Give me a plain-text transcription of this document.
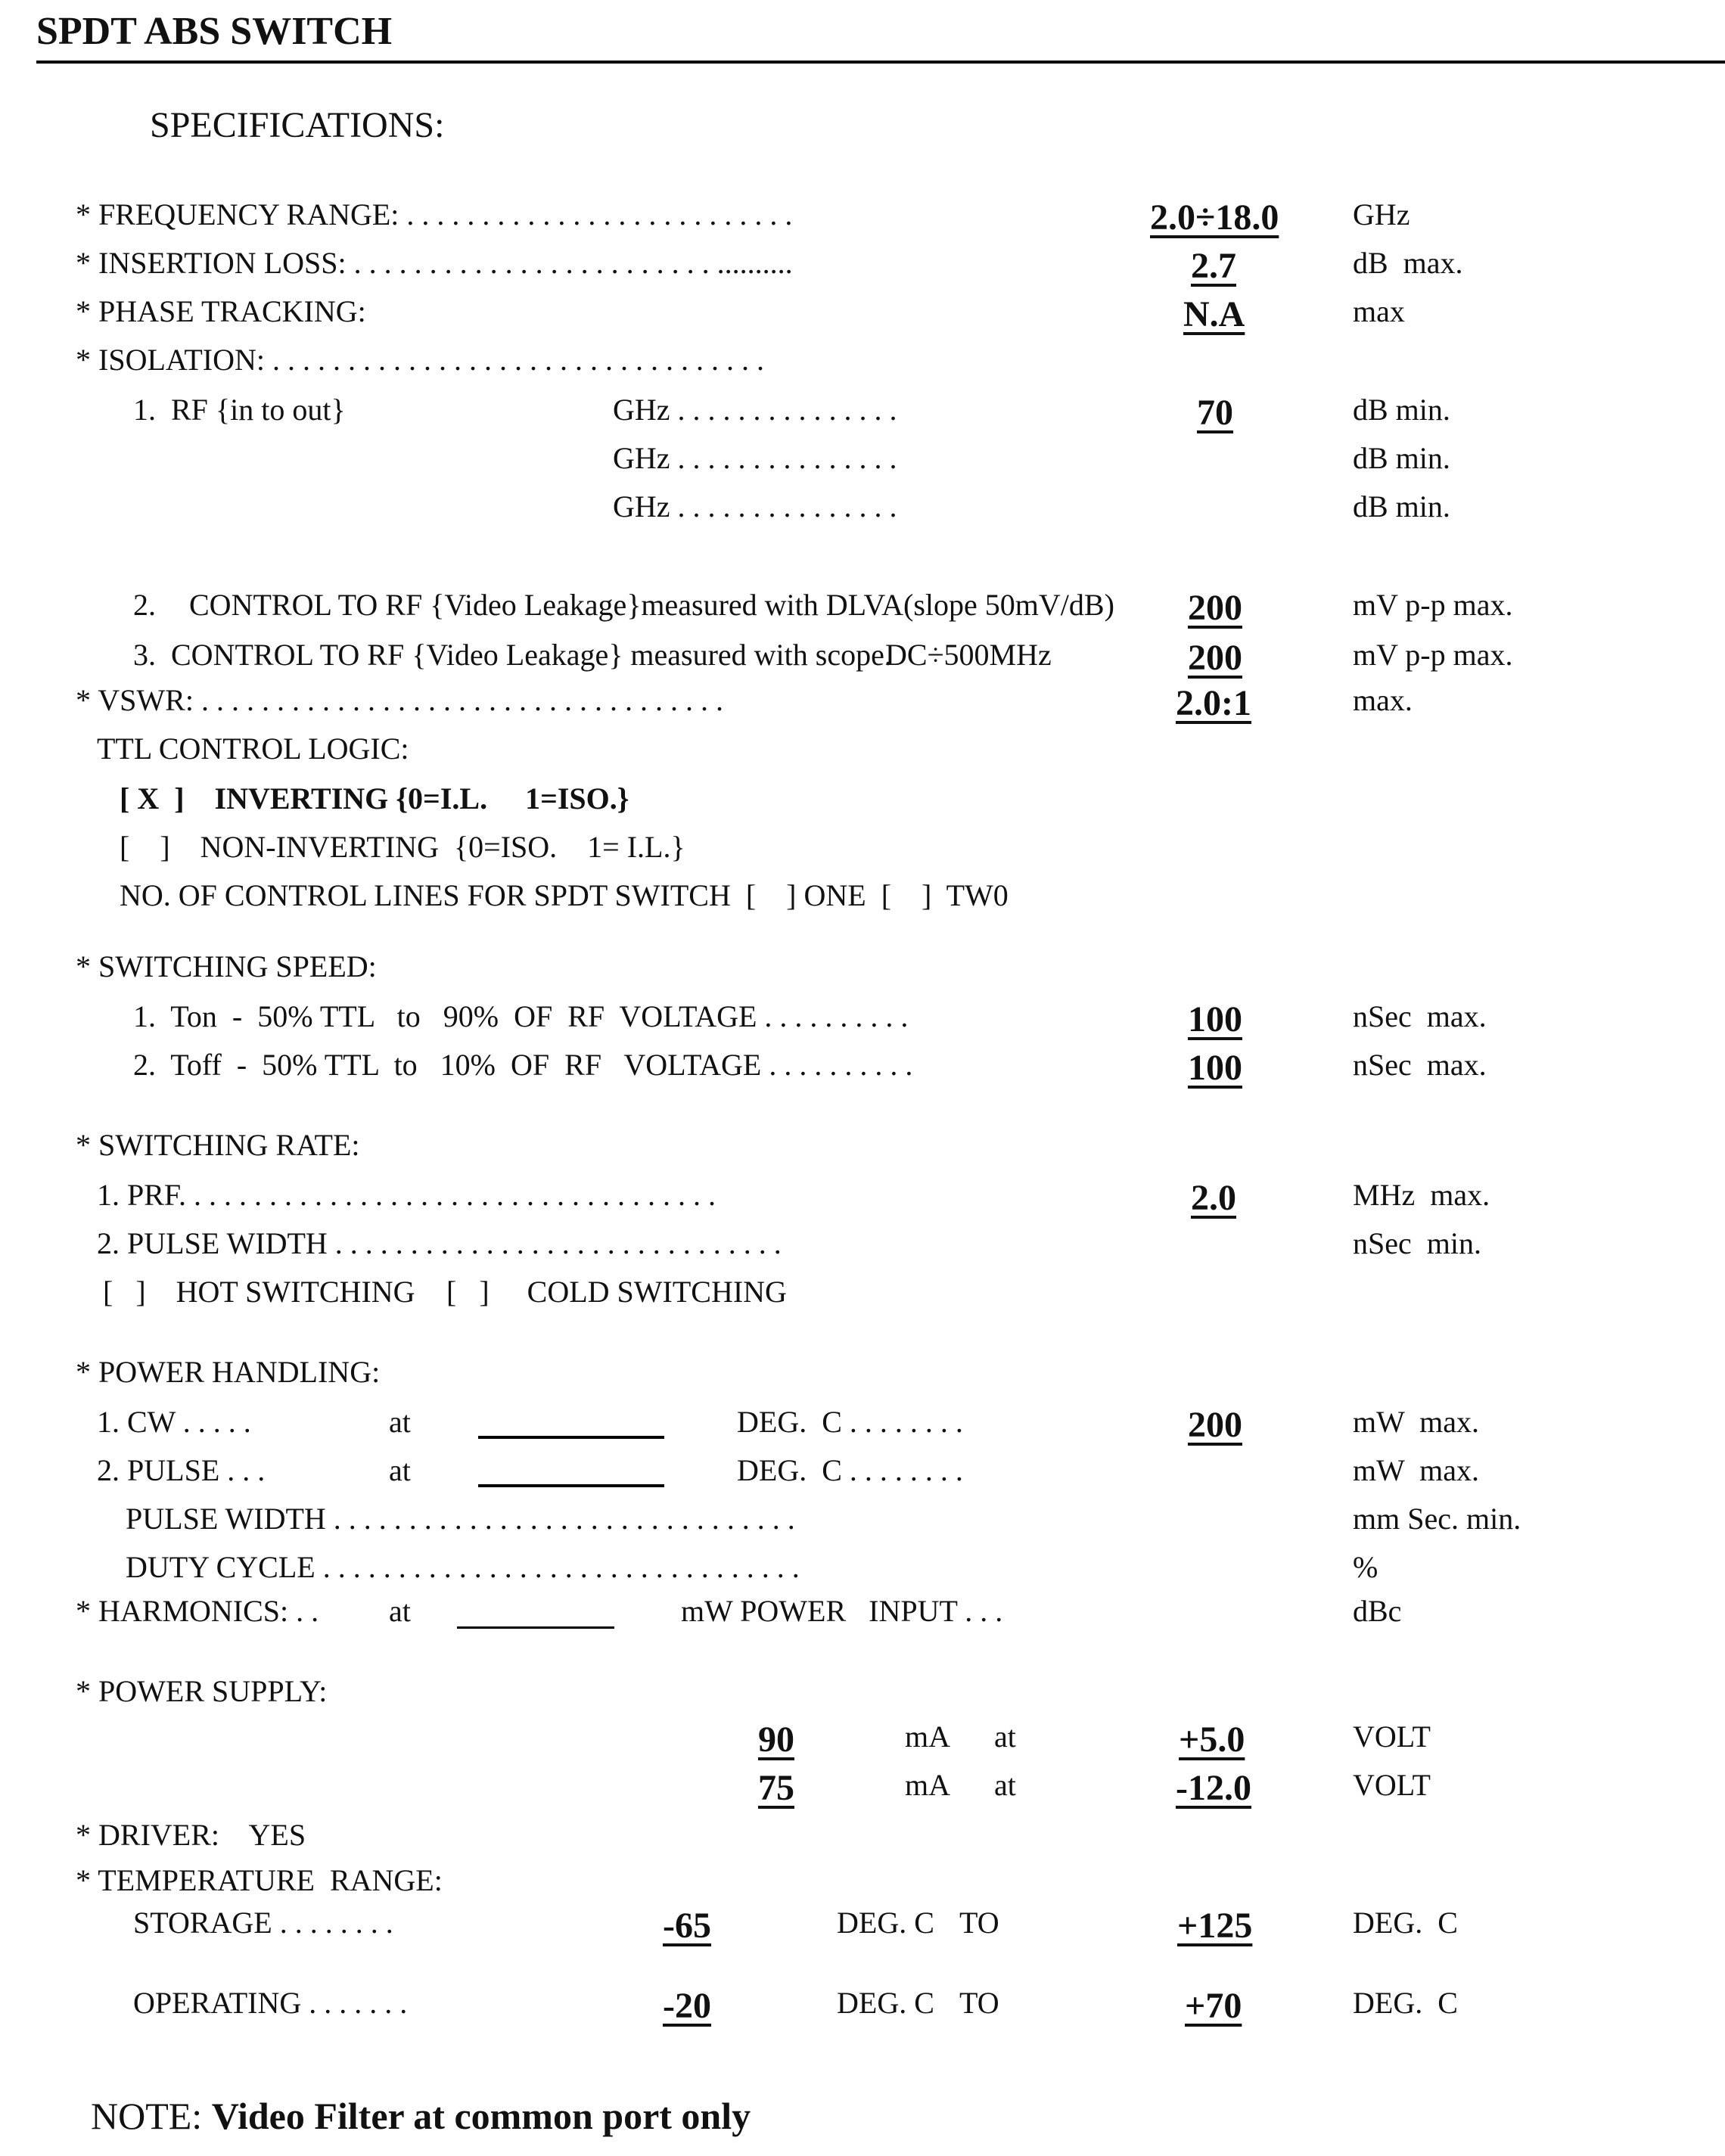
SPDT ABS SWITCH
SPECIFICATIONS:
* FREQUENCY RANGE: . . . . . . . . . . . . . . . . . . . . . . . . . .	2.0÷18.0 GHz
* INSERTION LOSS: . . . . . . . . . . . . . . . . . . . . . . . . ..........	2.7	dB  max.
* PHASE TRACKING:	N.A	max
* ISOLATION: . . . . . . . . . . . . . . . . . . . . . . . . . . . . . . . . .
1.  RF {in to out}	GHz . . . . . . . . . . . . . . .	70	dB min.
GHz . . . . . . . . . . . . . . .	dB min.
GHz . . . . . . . . . . . . . . .	dB min.
2. CONTROL TO RF {Video Leakage}measured with DLVA(slope 50mV/dB) 200	mV p-p max.
3.  CONTROL TO RF {Video Leakage} measured with scope.
DC÷500MHz	200	mV p-p max.
* VSWR: . . . . . . . . . . . . . . . . . . . . . . . . . . . . . . . . . . .	2.0:1	max.
TTL CONTROL LOGIC:
[ X  ]    INVERTING {0=I.L.     1=ISO.}
[    ]    NON-INVERTING  {0=ISO.    1= I.L.}
NO. OF CONTROL LINES FOR SPDT SWITCH  [    ] ONE  [    ]  TW0
* SWITCHING SPEED:
1.  Ton  -  50% TTL   to   90%  OF  RF  VOLTAGE . . . . . . . . . .	100	nSec  max.
2.  Toff  -  50% TTL  to   10%  OF  RF   VOLTAGE . . . . . . . . . .	100	nSec  max.
* SWITCHING RATE:
1. PRF. . . . . . . . . . . . . . . . . . . . . . . . . . . . . . . . . . . .	2.0	MHz  max.
2. PULSE WIDTH . . . . . . . . . . . . . . . . . . . . . . . . . . . . . .	nSec  min.
[   ]    HOT SWITCHING [   ]     COLD SWITCHING
* POWER HANDLING:
1. CW . . . . .	at	DEG.  C . . . . . . . .	200	mW  max.
2. PULSE . . .	at	DEG.  C . . . . . . . .	mW  max.
PULSE WIDTH . . . . . . . . . . . . . . . . . . . . . . . . . . . . . . .	mm Sec. min.
DUTY CYCLE . . . . . . . . . . . . . . . . . . . . . . . . . . . . . . . .	%
* HARMONICS: . . at	mW POWER   INPUT . . .	dBc
* POWER SUPPLY:
90	mA at	+5.0	VOLT
75	mA at	-12.0	VOLT
* DRIVER:    YES
* TEMPERATURE  RANGE:
STORAGE . . . . . . . .	-65	DEG. C TO	+125	DEG.  C
OPERATING . . . . . . .	-20	DEG. C TO	+70	DEG.  C

NOTE: Video Filter at common port only
